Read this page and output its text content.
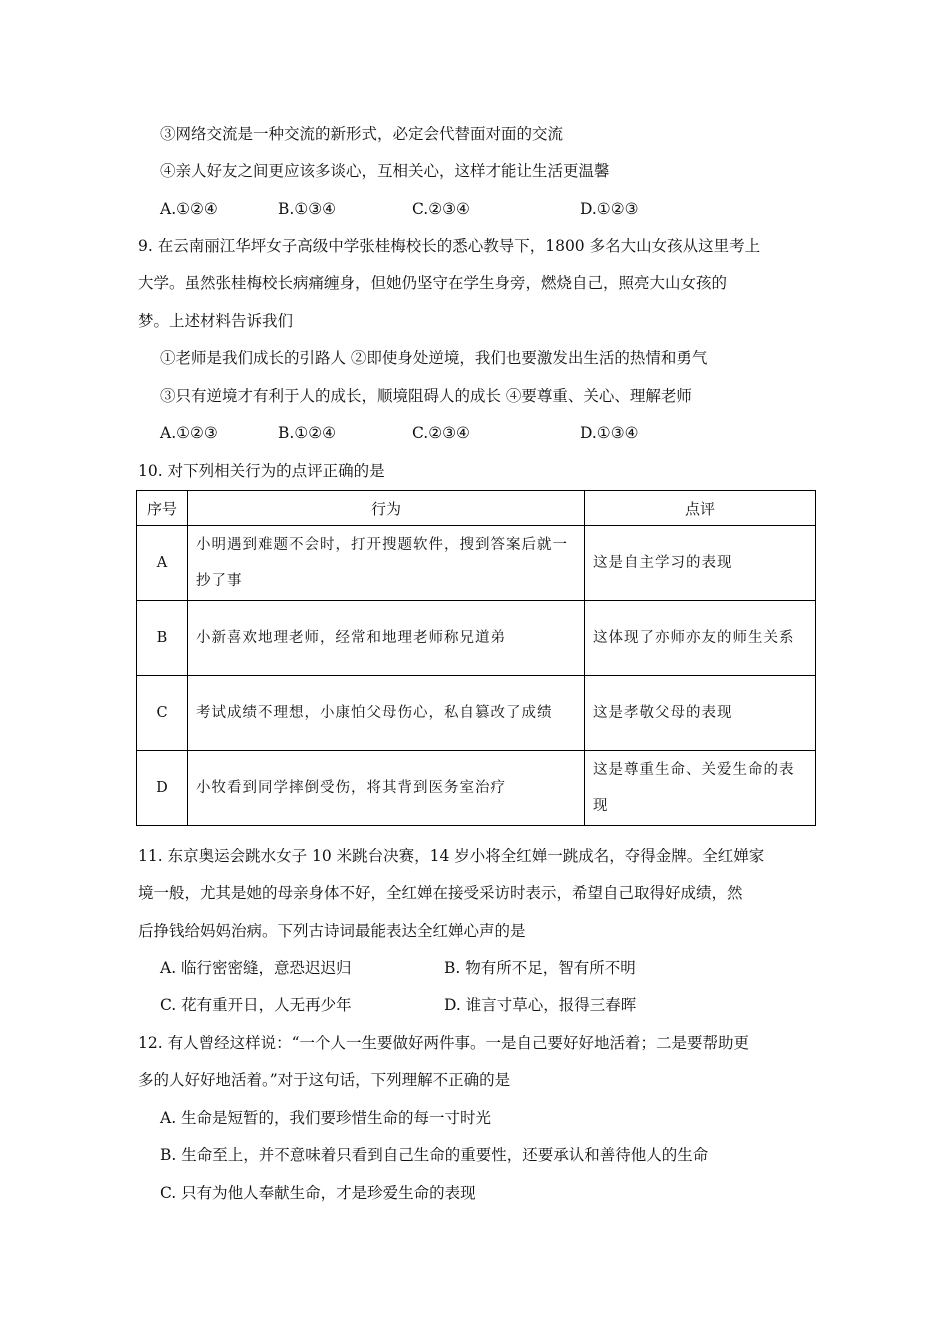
③网络交流是一种交流的新形式，必定会代替面对面的交流
④亲人好友之间更应该多谈心，互相关心，这样才能让生活更温馨
A.①②④	B.①③④	C.②③④	D.①②③
9. 在云南丽江华坪女子高级中学张桂梅校长的悉心教导下，1800 多名大山女孩从这里考上
大学。虽然张桂梅校长病痛缠身，但她仍坚守在学生身旁，燃烧自己，照亮大山女孩的
梦。上述材料告诉我们
①老师是我们成长的引路人 ②即使身处逆境，我们也要激发出生活的热情和勇气
③只有逆境才有利于人的成长，顺境阻碍人的成长 ④要尊重、关心、理解老师
A.①②③	B.①②④	C.②③④	D.①③④
10. 对下列相关行为的点评正确的是
序号	行为	点评
A	小明遇到难题不会时，打开搜题软件，搜到答案后就一抄了事	这是自主学习的表现
B	小新喜欢地理老师，经常和地理老师称兄道弟	这体现了亦师亦友的师生关系
C	考试成绩不理想，小康怕父母伤心，私自篡改了成绩	这是孝敬父母的表现
D	小牧看到同学摔倒受伤，将其背到医务室治疗	这是尊重生命、关爱生命的表现
11. 东京奥运会跳水女子 10 米跳台决赛，14 岁小将全红婵一跳成名，夺得金牌。全红婵家
境一般，尤其是她的母亲身体不好，全红婵在接受采访时表示，希望自己取得好成绩，然
后挣钱给妈妈治病。下列古诗词最能表达全红婵心声的是
A. 临行密密缝，意恐迟迟归	B. 物有所不足，智有所不明
C. 花有重开日，人无再少年	D. 谁言寸草心，报得三春晖
12. 有人曾经这样说：“一个人一生要做好两件事。一是自己要好好地活着；二是要帮助更
多的人好好地活着。”对于这句话，下列理解不正确的是
A. 生命是短暂的，我们要珍惜生命的每一寸时光
B. 生命至上，并不意味着只看到自己生命的重要性，还要承认和善待他人的生命
C. 只有为他人奉献生命，才是珍爱生命的表现
